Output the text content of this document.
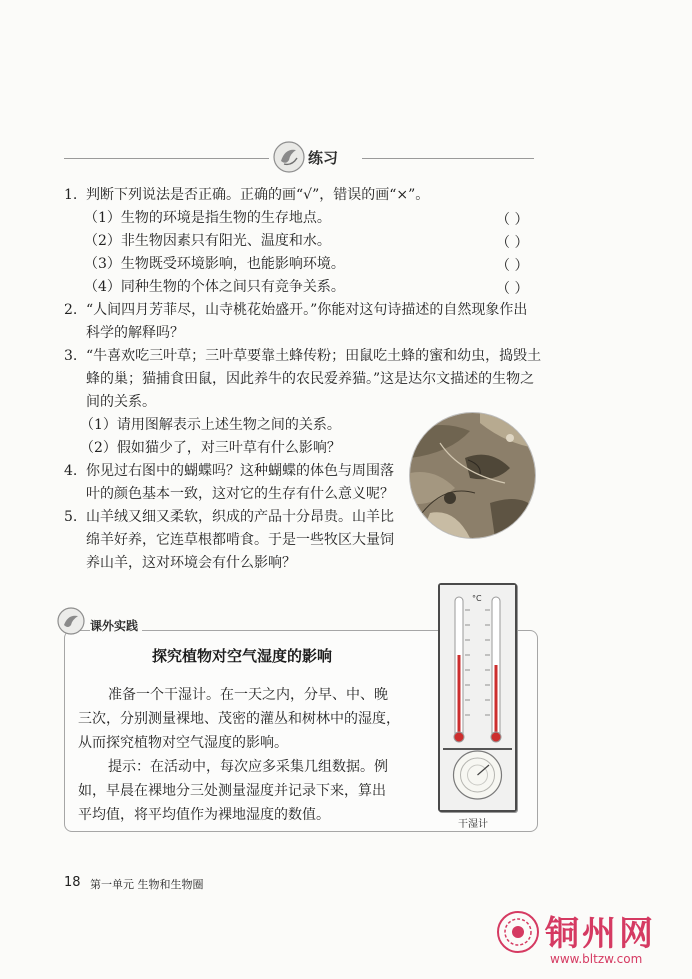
练习
1. 判断下列说法是否正确。正确的画“√”，错误的画“×”。
（1）生物的环境是指生物的生存地点。	（ ）
（2）非生物因素只有阳光、温度和水。	（ ）
（3）生物既受环境影响，也能影响环境。	（ ）
（4）同种生物的个体之间只有竞争关系。	（ ）
2. “人间四月芳菲尽，山寺桃花始盛开。”你能对这句诗描述的自然现象作出
科学的解释吗？
3. “牛喜欢吃三叶草；三叶草要靠土蜂传粉；田鼠吃土蜂的蜜和幼虫，捣毁土
蜂的巢；猫捕食田鼠，因此养牛的农民爱养猫。”这是达尔文描述的生物之
间的关系。
（1）请用图解表示上述生物之间的关系。
（2）假如猫少了，对三叶草有什么影响？
4. 你见过右图中的蝴蝶吗？这种蝴蝶的体色与周围落
叶的颜色基本一致，这对它的生存有什么意义呢？
5. 山羊绒又细又柔软，织成的产品十分昂贵。山羊比
绵羊好养，它连草根都啃食。于是一些牧区大量饲
养山羊，这对环境会有什么影响？
课外实践
探究植物对空气湿度的影响
准备一个干湿计。在一天之内，分早、中、晚
三次，分别测量裸地、茂密的灌丛和树林中的湿度，
从而探究植物对空气湿度的影响。
提示：在活动中，每次应多采集几组数据。例
如，早晨在裸地分三处测量湿度并记录下来，算出
平均值，将平均值作为裸地湿度的数值。
°C
干湿计
18 第一单元 生物和生物圈
铜州网
www.bltzw.com
